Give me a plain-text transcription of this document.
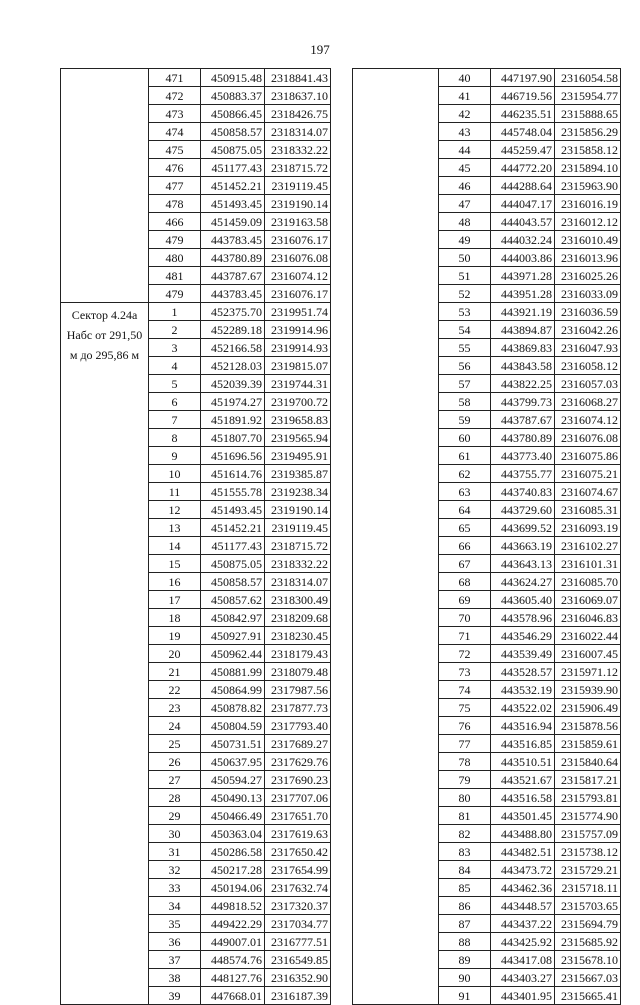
197
	471	450915.48	2318841.43
	472	450883.37	2318637.10
	473	450866.45	2318426.75
	474	450858.57	2318314.07
	475	450875.05	2318332.22
	476	451177.43	2318715.72
	477	451452.21	2319119.45
	478	451493.45	2319190.14
	466	451459.09	2319163.58
	479	443783.45	2316076.17
	480	443780.89	2316076.08
	481	443787.67	2316074.12
	479	443783.45	2316076.17
Сектор 4.24а Набс от 291,50 м до 295,86 м	1	452375.70	2319951.74
	2	452289.18	2319914.96
	3	452166.58	2319914.93
	4	452128.03	2319815.07
	5	452039.39	2319744.31
	6	451974.27	2319700.72
	7	451891.92	2319658.83
	8	451807.70	2319565.94
	9	451696.56	2319495.91
	10	451614.76	2319385.87
	11	451555.78	2319238.34
	12	451493.45	2319190.14
	13	451452.21	2319119.45
	14	451177.43	2318715.72
	15	450875.05	2318332.22
	16	450858.57	2318314.07
	17	450857.62	2318300.49
	18	450842.97	2318209.68
	19	450927.91	2318230.45
	20	450962.44	2318179.43
	21	450881.99	2318079.48
	22	450864.99	2317987.56
	23	450878.82	2317877.73
	24	450804.59	2317793.40
	25	450731.51	2317689.27
	26	450637.95	2317629.76
	27	450594.27	2317690.23
	28	450490.13	2317707.06
	29	450466.49	2317651.70
	30	450363.04	2317619.63
	31	450286.58	2317650.42
	32	450217.28	2317654.99
	33	450194.06	2317632.74
	34	449818.52	2317320.37
	35	449422.29	2317034.77
	36	449007.01	2316777.51
	37	448574.76	2316549.85
	38	448127.76	2316352.90
	39	447668.01	2316187.39
	40	447197.90	2316054.58
	41	446719.56	2315954.77
	42	446235.51	2315888.65
	43	445748.04	2315856.29
	44	445259.47	2315858.12
	45	444772.20	2315894.10
	46	444288.64	2315963.90
	47	444047.17	2316016.19
	48	444043.57	2316012.12
	49	444032.24	2316010.49
	50	444003.86	2316013.96
	51	443971.28	2316025.26
	52	443951.28	2316033.09
	53	443921.19	2316036.59
	54	443894.87	2316042.26
	55	443869.83	2316047.93
	56	443843.58	2316058.12
	57	443822.25	2316057.03
	58	443799.73	2316068.27
	59	443787.67	2316074.12
	60	443780.89	2316076.08
	61	443773.40	2316075.86
	62	443755.77	2316075.21
	63	443740.83	2316074.67
	64	443729.60	2316085.31
	65	443699.52	2316093.19
	66	443663.19	2316102.27
	67	443643.13	2316101.31
	68	443624.27	2316085.70
	69	443605.40	2316069.07
	70	443578.96	2316046.83
	71	443546.29	2316022.44
	72	443539.49	2316007.45
	73	443528.57	2315971.12
	74	443532.19	2315939.90
	75	443522.02	2315906.49
	76	443516.94	2315878.56
	77	443516.85	2315859.61
	78	443510.51	2315840.64
	79	443521.67	2315817.21
	80	443516.58	2315793.81
	81	443501.45	2315774.90
	82	443488.80	2315757.09
	83	443482.51	2315738.12
	84	443473.72	2315729.21
	85	443462.36	2315718.11
	86	443448.57	2315703.65
	87	443437.22	2315694.79
	88	443425.92	2315685.92
	89	443417.08	2315678.10
	90	443403.27	2315667.03
	91	443401.95	2315665.41
